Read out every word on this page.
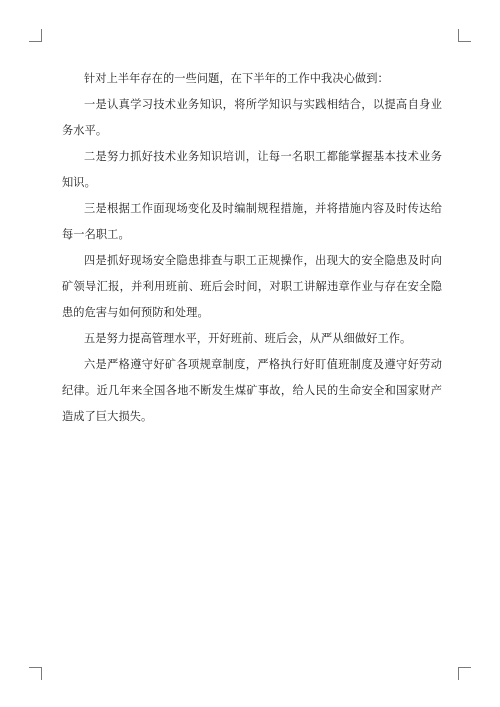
针对上半年存在的一些问题，在下半年的工作中我决心做到：

一是认真学习技术业务知识，将所学知识与实践相结合，以提高自身业务水平。

二是努力抓好技术业务知识培训，让每一名职工都能掌握基本技术业务知识。

三是根据工作面现场变化及时编制规程措施，并将措施内容及时传达给每一名职工。

四是抓好现场安全隐患排查与职工正规操作，出现大的安全隐患及时向矿领导汇报，并利用班前、班后会时间，对职工讲解违章作业与存在安全隐患的危害与如何预防和处理。

五是努力提高管理水平，开好班前、班后会，从严从细做好工作。

六是严格遵守好矿各项规章制度，严格执行好盯值班制度及遵守好劳动纪律。近几年来全国各地不断发生煤矿事故，给人民的生命安全和国家财产造成了巨大损失。
